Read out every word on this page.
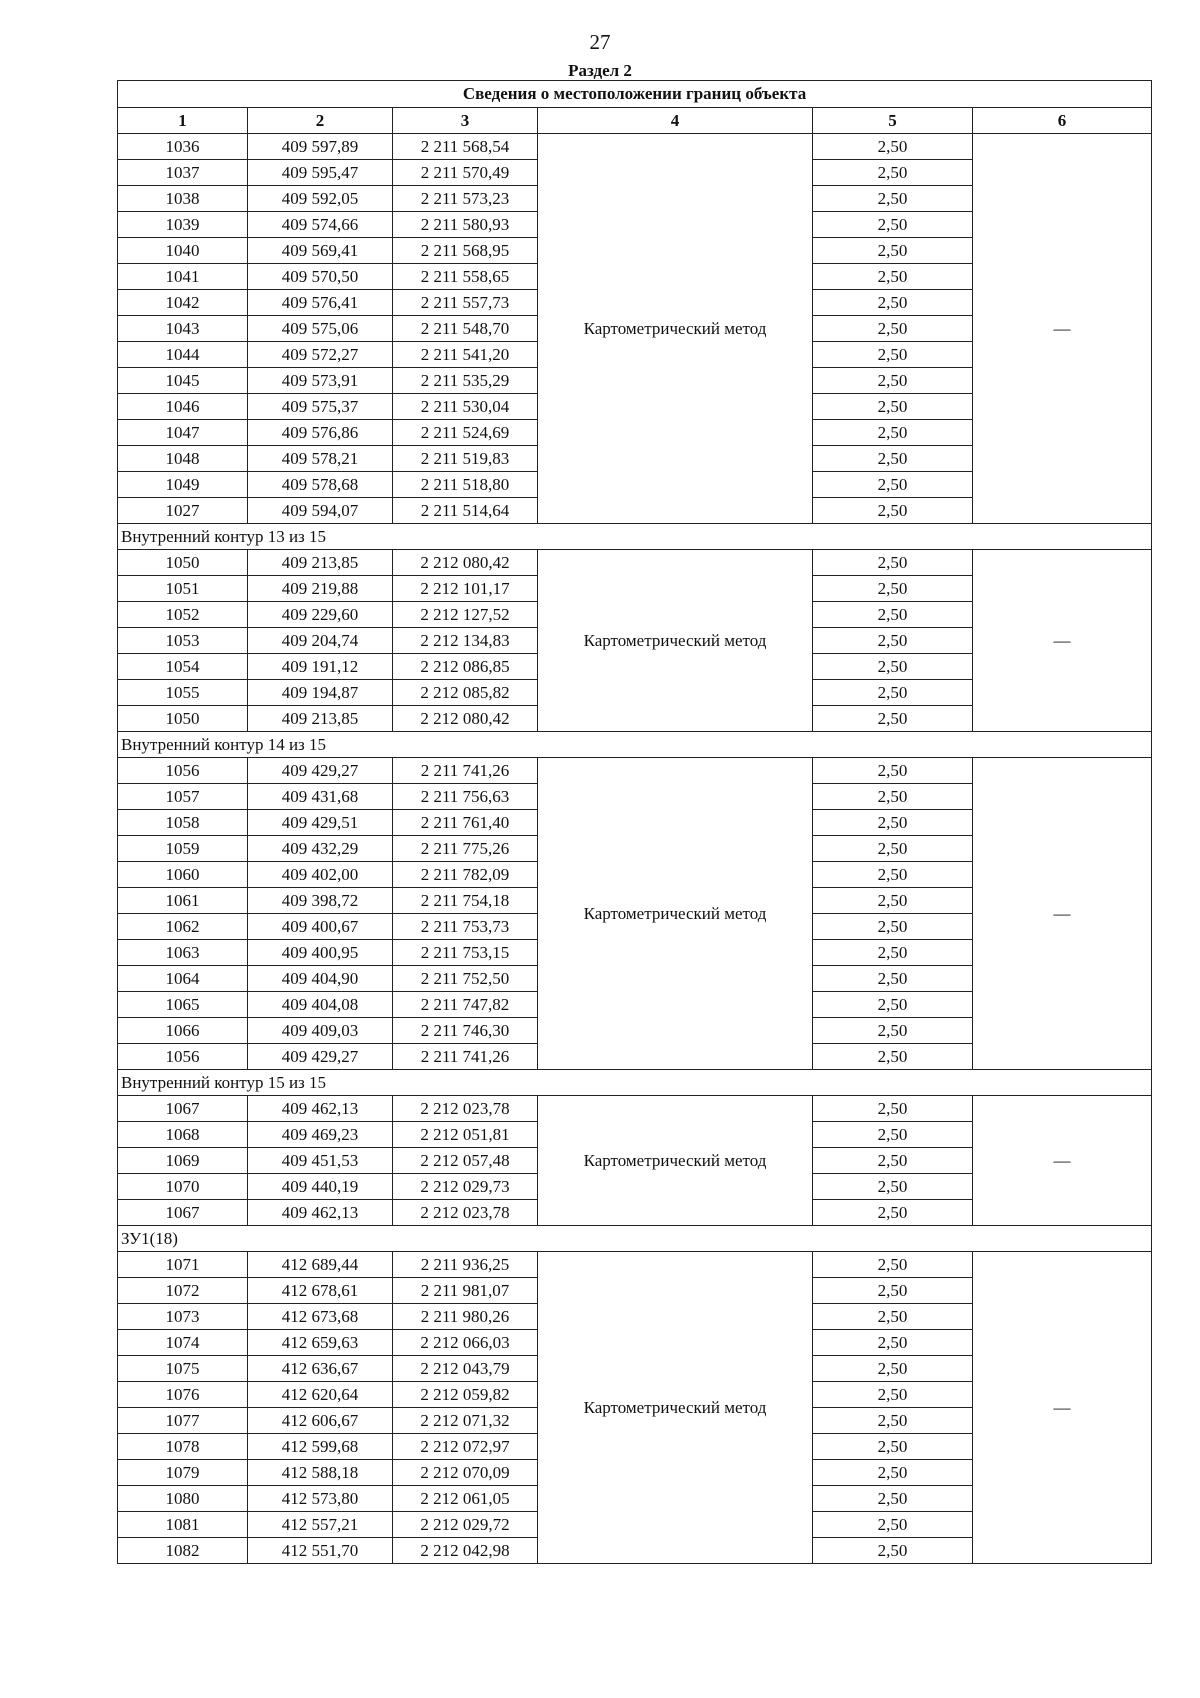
27
Раздел 2
Сведения о местоположении границ объекта					
1	2	3	4	5	6
1036	409 597,89	2 211 568,54	Картометрический метод	2,50	—
1037	409 595,47	2 211 570,49		2,50	
1038	409 592,05	2 211 573,23		2,50	
1039	409 574,66	2 211 580,93		2,50	
1040	409 569,41	2 211 568,95		2,50	
1041	409 570,50	2 211 558,65		2,50	
1042	409 576,41	2 211 557,73		2,50	
1043	409 575,06	2 211 548,70		2,50	
1044	409 572,27	2 211 541,20		2,50	
1045	409 573,91	2 211 535,29		2,50	
1046	409 575,37	2 211 530,04		2,50	
1047	409 576,86	2 211 524,69		2,50	
1048	409 578,21	2 211 519,83		2,50	
1049	409 578,68	2 211 518,80		2,50	
1027	409 594,07	2 211 514,64		2,50	
Внутренний контур 13 из 15					
1050	409 213,85	2 212 080,42	Картометрический метод	2,50	—
1051	409 219,88	2 212 101,17		2,50	
1052	409 229,60	2 212 127,52		2,50	
1053	409 204,74	2 212 134,83		2,50	
1054	409 191,12	2 212 086,85		2,50	
1055	409 194,87	2 212 085,82		2,50	
1050	409 213,85	2 212 080,42		2,50	
Внутренний контур 14 из 15					
1056	409 429,27	2 211 741,26	Картометрический метод	2,50	—
1057	409 431,68	2 211 756,63		2,50	
1058	409 429,51	2 211 761,40		2,50	
1059	409 432,29	2 211 775,26		2,50	
1060	409 402,00	2 211 782,09		2,50	
1061	409 398,72	2 211 754,18		2,50	
1062	409 400,67	2 211 753,73		2,50	
1063	409 400,95	2 211 753,15		2,50	
1064	409 404,90	2 211 752,50		2,50	
1065	409 404,08	2 211 747,82		2,50	
1066	409 409,03	2 211 746,30		2,50	
1056	409 429,27	2 211 741,26		2,50	
Внутренний контур 15 из 15					
1067	409 462,13	2 212 023,78	Картометрический метод	2,50	—
1068	409 469,23	2 212 051,81		2,50	
1069	409 451,53	2 212 057,48		2,50	
1070	409 440,19	2 212 029,73		2,50	
1067	409 462,13	2 212 023,78		2,50	
ЗУ1(18)					
1071	412 689,44	2 211 936,25	Картометрический метод	2,50	—
1072	412 678,61	2 211 981,07		2,50	
1073	412 673,68	2 211 980,26		2,50	
1074	412 659,63	2 212 066,03		2,50	
1075	412 636,67	2 212 043,79		2,50	
1076	412 620,64	2 212 059,82		2,50	
1077	412 606,67	2 212 071,32		2,50	
1078	412 599,68	2 212 072,97		2,50	
1079	412 588,18	2 212 070,09		2,50	
1080	412 573,80	2 212 061,05		2,50	
1081	412 557,21	2 212 029,72		2,50	
1082	412 551,70	2 212 042,98		2,50	
